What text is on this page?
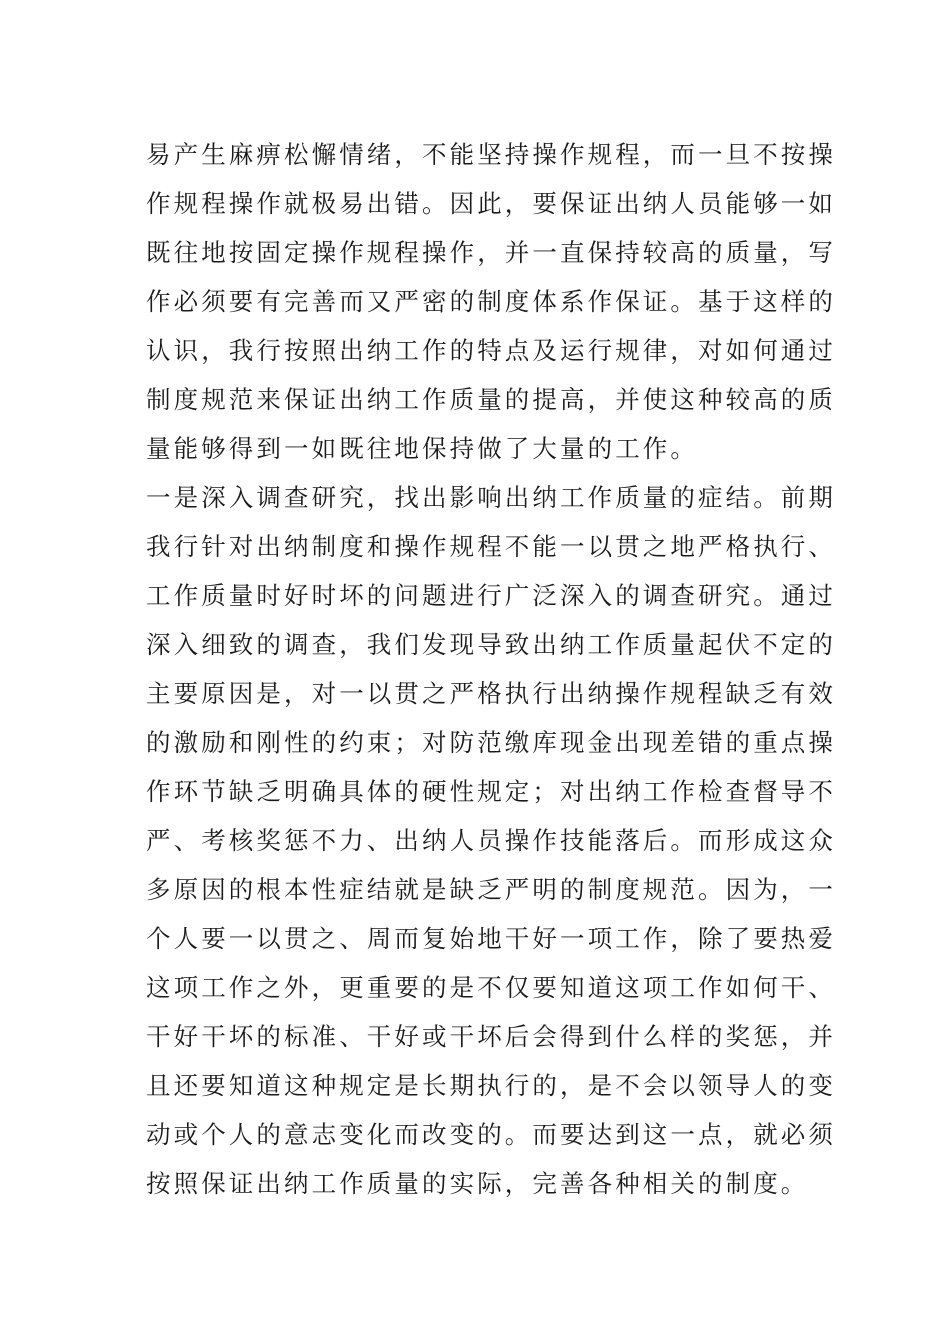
易产生麻痹松懈情绪，不能坚持操作规程，而一旦不按操
作规程操作就极易出错。因此，要保证出纳人员能够一如
既往地按固定操作规程操作，并一直保持较高的质量，写
作必须要有完善而又严密的制度体系作保证。基于这样的
认识，我行按照出纳工作的特点及运行规律，对如何通过
制度规范来保证出纳工作质量的提高，并使这种较高的质
量能够得到一如既往地保持做了大量的工作。
一是深入调查研究，找出影响出纳工作质量的症结。前期
我行针对出纳制度和操作规程不能一以贯之地严格执行、
工作质量时好时坏的问题进行广泛深入的调查研究。通过
深入细致的调查，我们发现导致出纳工作质量起伏不定的
主要原因是，对一以贯之严格执行出纳操作规程缺乏有效
的激励和刚性的约束；对防范缴库现金出现差错的重点操
作环节缺乏明确具体的硬性规定；对出纳工作检查督导不
严、考核奖惩不力、出纳人员操作技能落后。而形成这众
多原因的根本性症结就是缺乏严明的制度规范。因为，一
个人要一以贯之、周而复始地干好一项工作，除了要热爱
这项工作之外，更重要的是不仅要知道这项工作如何干、
干好干坏的标准、干好或干坏后会得到什么样的奖惩，并
且还要知道这种规定是长期执行的，是不会以领导人的变
动或个人的意志变化而改变的。而要达到这一点，就必须
按照保证出纳工作质量的实际，完善各种相关的制度。
